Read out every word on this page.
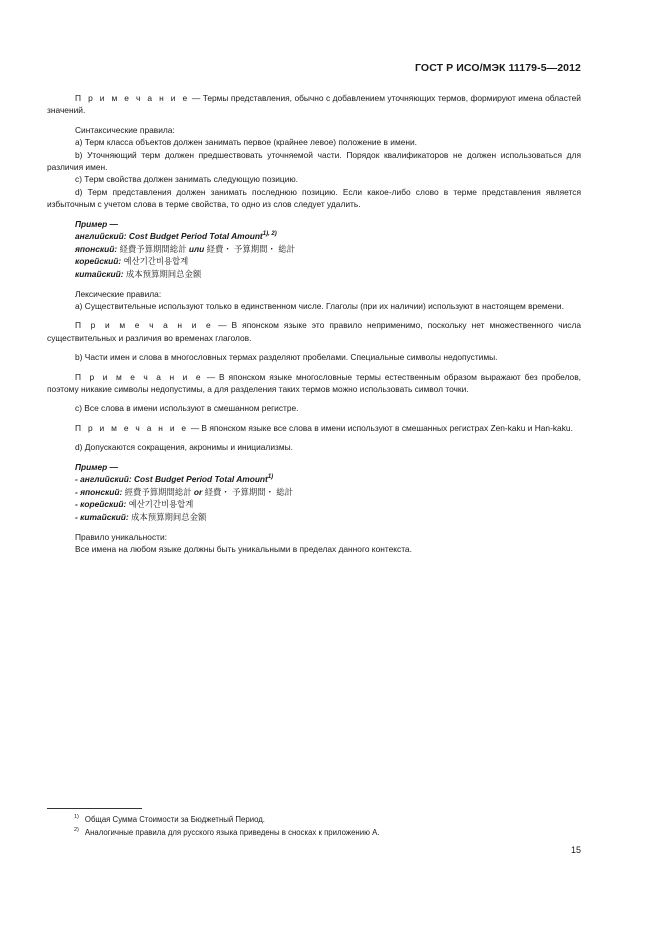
ГОСТ Р ИСО/МЭК 11179-5—2012

П р и м е ч а н и е — Термы представления, обычно с добавлением уточняющих термов, формируют имена областей значений.

Синтаксические правила:

а) Терм класса объектов должен занимать первое (крайнее левое) положение в имени.

b) Уточняющий терм должен предшествовать уточняемой части. Порядок квалификаторов не должен использоваться для различия имен.

с) Терм свойства должен занимать следующую позицию.

d) Терм представления должен занимать последнюю позицию. Если какое-либо слово в терме представления является избыточным с учетом слова в терме свойства, то одно из слов следует удалить.

Пример —
английский: Cost Budget Period Total Amount$^{1), 2)}$
японский: 経費予算期間総計 или 経費・ 予算期間・ 総計
корейский: 예산기간비용합계
китайский: 成本预算期间总金额

Лексические правила:

а) Существительные используют только в единственном числе. Глаголы (при их наличии) используют в настоящем времени.

П р и м е ч а н и е — В японском языке это правило неприменимо, поскольку нет множественного числа существительных и различия во временах глаголов.

b) Части имен и слова в многословных термах разделяют пробелами. Специальные символы недопустимы.

П р и м е ч а н и е — В японском языке многословные термы естественным образом выражают без пробелов, поэтому никакие символы недопустимы, а для разделения таких термов можно использовать символ точки.

с) Все слова в имени используют в смешанном регистре.

П р и м е ч а н и е — В японском языке все слова в имени используют в смешанных регистрах Zen-kaku и Han-kaku.

d) Допускаются сокращения, акронимы и инициализмы.

Пример —
- английский: Cost Budget Period Total Amount$^{1)}$
- японский: 經費予算期間総計 or 経費・ 予算期間・ 総計
- корейский: 예산기간비용합계
- китайский: 成本预算期间总金额

Правило уникальности:

Все имена на любом языке должны быть уникальными в пределах данного контекста.

$^{1)}$ Общая Сумма Стоимости за Бюджетный Период.

$^{2)}$ Аналогичные правила для русского языка приведены в сносках к приложению А.

15
